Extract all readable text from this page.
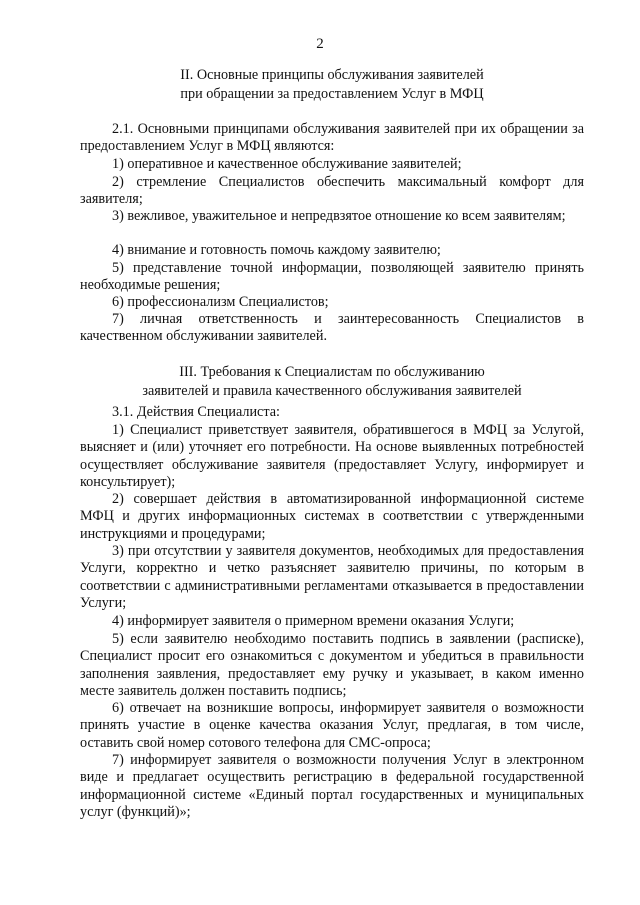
2
II. Основные принципы обслуживания заявителей
при обращении за предоставлением Услуг в МФЦ

2.1. Основными принципами обслуживания заявителей при их обращении за предоставлением Услуг в МФЦ являются:

1) оперативное и качественное обслуживание заявителей;

2) стремление Специалистов обеспечить максимальный комфорт для заявителя;

3) вежливое, уважительное и непредвзятое отношение ко всем заявителям;

4) внимание и готовность помочь каждому заявителю;

5) представление точной информации, позволяющей заявителю принять необходимые решения;

6) профессионализм Специалистов;

7) личная ответственность и заинтересованность Специалистов в качественном обслуживании заявителей.

III. Требования к Специалистам по обслуживанию
заявителей и правила качественного обслуживания заявителей

3.1. Действия Специалиста:

1) Специалист приветствует заявителя, обратившегося в МФЦ за Услугой, выясняет и (или) уточняет его потребности. На основе выявленных потребностей осуществляет обслуживание заявителя (предоставляет Услугу, информирует и консультирует);

2) совершает действия в автоматизированной информационной системе МФЦ и других информационных системах в соответствии с утвержденными инструкциями и процедурами;

3) при отсутствии у заявителя документов, необходимых для предоставления Услуги, корректно и четко разъясняет заявителю причины, по которым в соответствии с административными регламентами отказывается в предоставлении Услуги;

4) информирует заявителя о примерном времени оказания Услуги;

5) если заявителю необходимо поставить подпись в заявлении (расписке), Специалист просит его ознакомиться с документом и убедиться в правильности заполнения заявления, предоставляет ему ручку и указывает, в каком именно месте заявитель должен поставить подпись;

6) отвечает на возникшие вопросы, информирует заявителя о возможности принять участие в оценке качества оказания Услуг, предлагая, в том числе, оставить свой номер сотового телефона для СМС-опроса;

7) информирует заявителя о возможности получения Услуг в электронном виде и предлагает осуществить регистрацию в федеральной государственной информационной системе «Единый портал государственных и муниципальных услуг (функций)»;
